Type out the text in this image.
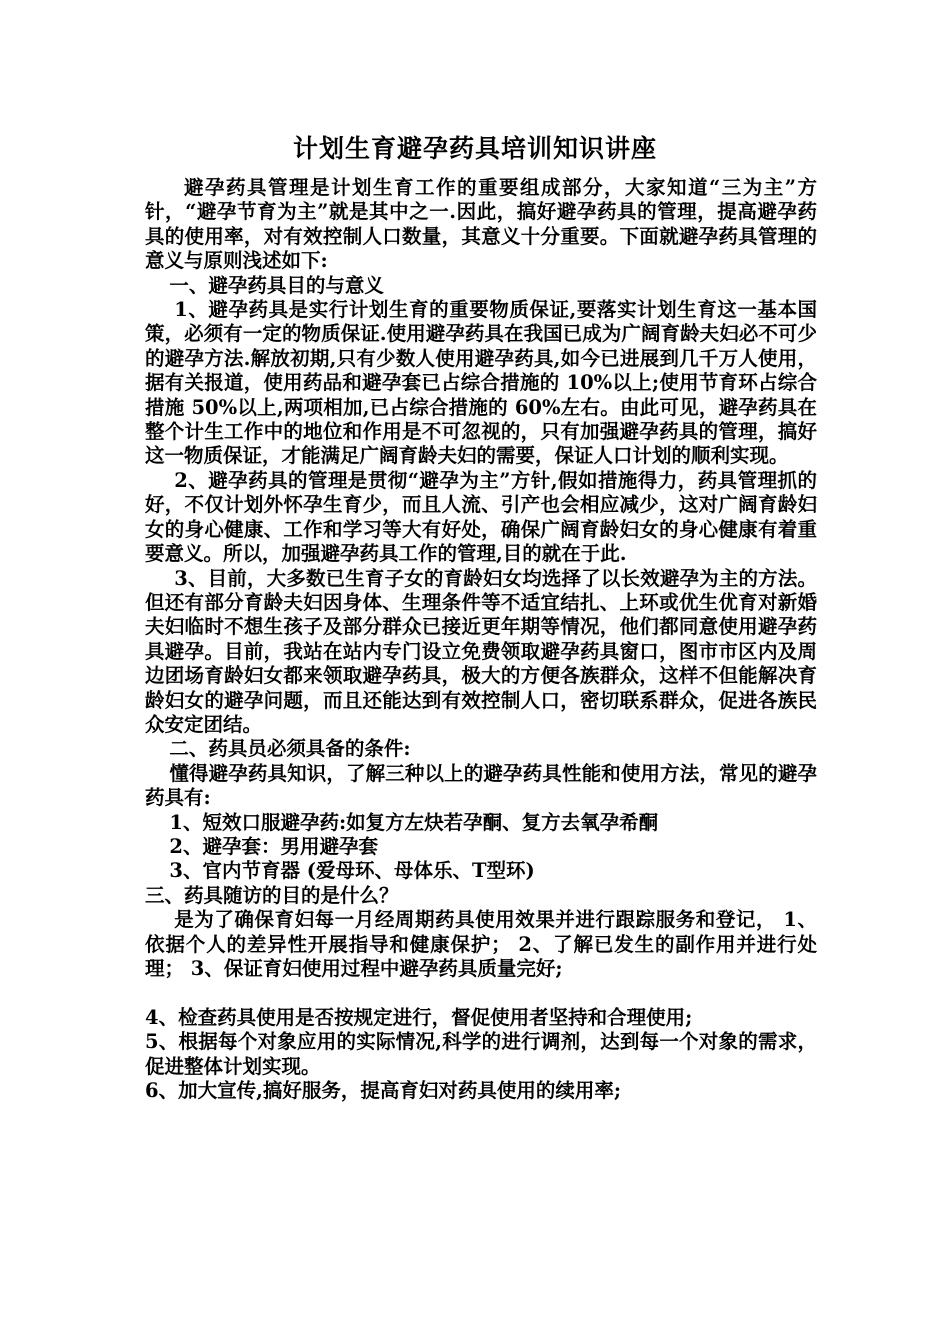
计划生育避孕药具培训知识讲座

避孕药具管理是计划生育工作的重要组成部分，大家知道“三为主”方针，“避孕节育为主”就是其中之一.因此，搞好避孕药具的管理，提高避孕药具的使用率，对有效控制人口数量，其意义十分重要。下面就避孕药具管理的意义与原则浅述如下:

一、避孕药具目的与意义

1、避孕药具是实行计划生育的重要物质保证,要落实计划生育这一基本国策，必须有一定的物质保证.使用避孕药具在我国已成为广阔育龄夫妇必不可少的避孕方法.解放初期,只有少数人使用避孕药具,如今已进展到几千万人使用，据有关报道，使用药品和避孕套已占综合措施的 10%以上;使用节育环占综合措施 50%以上,两项相加,已占综合措施的 60%左右。由此可见，避孕药具在整个计生工作中的地位和作用是不可忽视的，只有加强避孕药具的管理，搞好这一物质保证，才能满足广阔育龄夫妇的需要，保证人口计划的顺利实现。

2、避孕药具的管理是贯彻“避孕为主”方针,假如措施得力，药具管理抓的好，不仅计划外怀孕生育少，而且人流、引产也会相应减少，这对广阔育龄妇女的身心健康、工作和学习等大有好处，确保广阔育龄妇女的身心健康有着重要意义。所以，加强避孕药具工作的管理,目的就在于此.

3、目前，大多数已生育子女的育龄妇女均选择了以长效避孕为主的方法。但还有部分育龄夫妇因身体、生理条件等不适宜结扎、上环或优生优育对新婚夫妇临时不想生孩子及部分群众已接近更年期等情况，他们都同意使用避孕药具避孕。目前，我站在站内专门设立免费领取避孕药具窗口，图市市区内及周边团场育龄妇女都来领取避孕药具，极大的方便各族群众，这样不但能解决育龄妇女的避孕问题，而且还能达到有效控制人口，密切联系群众，促进各族民众安定团结。

二、药具员必须具备的条件:

懂得避孕药具知识，了解三种以上的避孕药具性能和使用方法，常见的避孕药具有:

1、短效口服避孕药:如复方左炔若孕酮、复方去氧孕希酮

2、避孕套：男用避孕套

3、官内节育器 (爱母环、母体乐、T型环)

三、药具随访的目的是什么？

是为了确保育妇每一月经周期药具使用效果并进行跟踪服务和登记， 1、 依据个人的差异性开展指导和健康保护； 2、了解已发生的副作用并进行处理； 3、保证育妇使用过程中避孕药具质量完好;

4、检查药具使用是否按规定进行，督促使用者坚持和合理使用;

5、根据每个对象应用的实际情况,科学的进行调剂，达到每一个对象的需求，促进整体计划实现。

6、加大宣传,搞好服务，提高育妇对药具使用的续用率;
